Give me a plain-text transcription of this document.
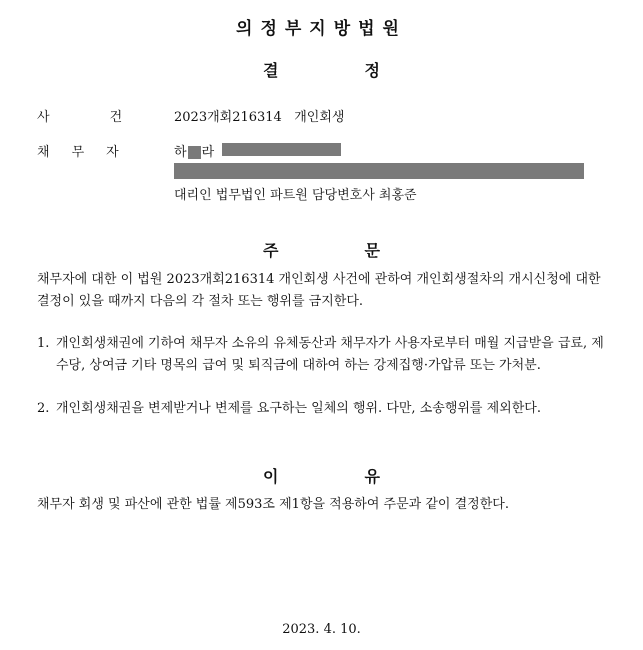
의정부지방법원
결	정
사	건	2023개회216314   개인회생
채 무 자	하 라
대리인 법무법인 파트원 담당변호사 최홍준
주	문
채무자에 대한 이 법원 2023개회216314 개인회생 사건에 관하여 개인회생절차의 개시신청에 대한 결정이 있을 때까지 다음의 각 절차 또는 행위를 금지한다.
1. 개인회생채권에 기하여 채무자 소유의 유체동산과 채무자가 사용자로부터 매월 지급받을 급료, 제수당, 상여금 기타 명목의 급여 및 퇴직금에 대하여 하는 강제집행·가압류 또는 가처분.
2. 개인회생채권을 변제받거나 변제를 요구하는 일체의 행위. 다만, 소송행위를 제외한다.
이	유
채무자 회생 및 파산에 관한 법률 제593조 제1항을 적용하여 주문과 같이 결정한다.
2023. 4. 10.
